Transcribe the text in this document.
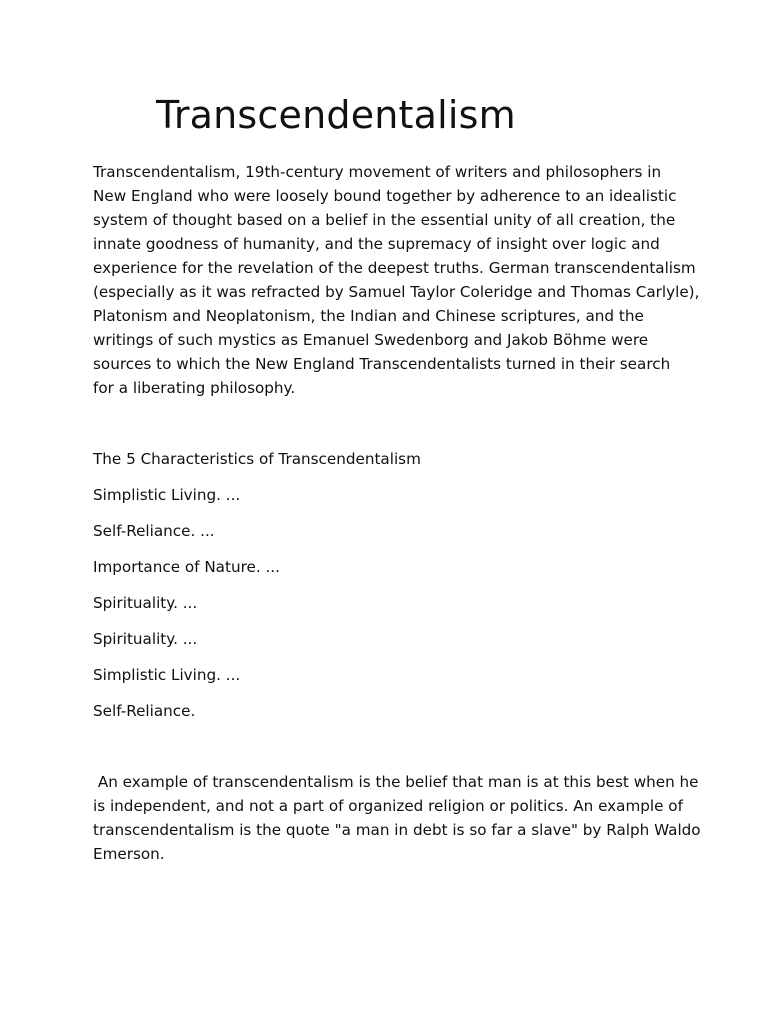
Transcendentalism

Transcendentalism, 19th-century movement of writers and philosophers in
New England who were loosely bound together by adherence to an idealistic
system of thought based on a belief in the essential unity of all creation, the
innate goodness of humanity, and the supremacy of insight over logic and
experience for the revelation of the deepest truths. German transcendentalism
(especially as it was refracted by Samuel Taylor Coleridge and Thomas Carlyle),
Platonism and Neoplatonism, the Indian and Chinese scriptures, and the
writings of such mystics as Emanuel Swedenborg and Jakob Böhme were
sources to which the New England Transcendentalists turned in their search
for a liberating philosophy.

The 5 Characteristics of Transcendentalism

Simplistic Living. ...
Self-Reliance. ...
Importance of Nature. ...
Spirituality. ...
Spirituality. ...
Simplistic Living. ...
Self-Reliance.

An example of transcendentalism is the belief that man is at this best when he
is independent, and not a part of organized religion or politics. An example of
transcendentalism is the quote "a man in debt is so far a slave" by Ralph Waldo
Emerson.
